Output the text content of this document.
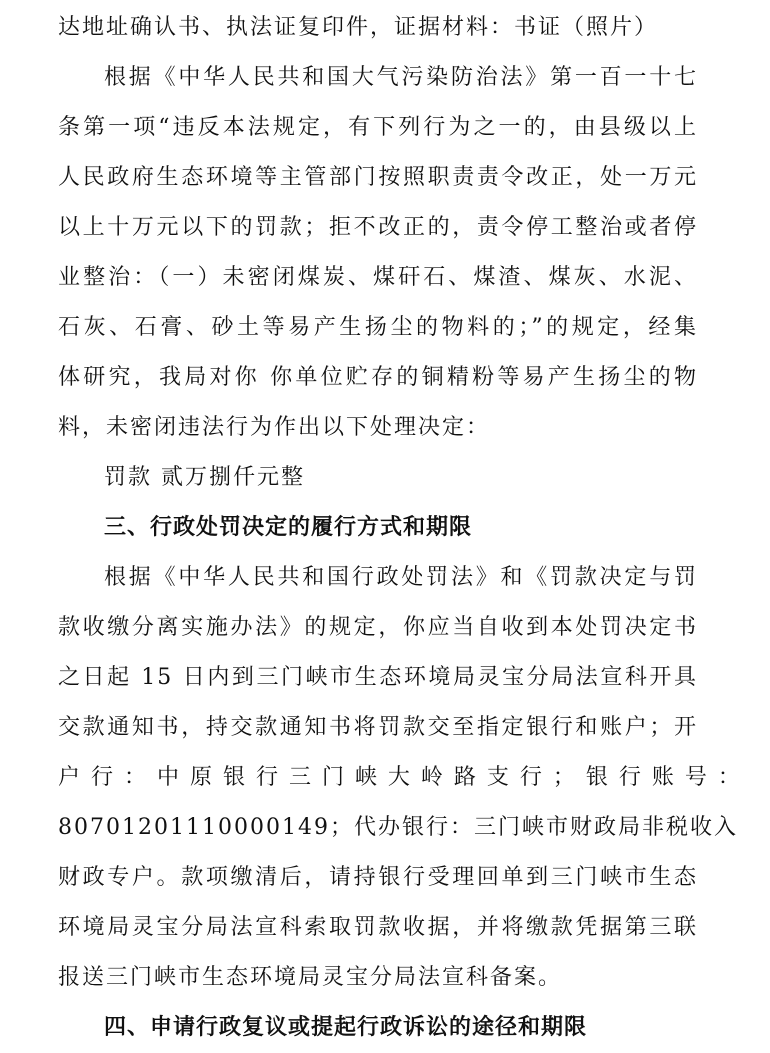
达地址确认书、执法证复印件，证据材料：书证（照片）
根据《中华人民共和国大气污染防治法》第一百一十七
条第一项“违反本法规定，有下列行为之一的，由县级以上
人民政府生态环境等主管部门按照职责责令改正，处一万元
以上十万元以下的罚款；拒不改正的，责令停工整治或者停
业整治：（一）未密闭煤炭、煤矸石、煤渣、煤灰、水泥、
石灰、石膏、砂土等易产生扬尘的物料的；”的规定，经集
体研究，我局对你 你单位贮存的铜精粉等易产生扬尘的物
料，未密闭违法行为作出以下处理决定：
罚款 贰万捌仟元整
三、行政处罚决定的履行方式和期限
根据《中华人民共和国行政处罚法》和《罚款决定与罚
款收缴分离实施办法》的规定，你应当自收到本处罚决定书
之日起 15 日内到三门峡市生态环境局灵宝分局法宣科开具
交款通知书，持交款通知书将罚款交至指定银行和账户；开
户 行 ： 中 原 银 行 三 门 峡 大 岭 路 支 行 ； 银 行 账 号 ：
80701201110000149；代办银行：三门峡市财政局非税收入
财政专户。款项缴清后，请持银行受理回单到三门峡市生态
环境局灵宝分局法宣科索取罚款收据，并将缴款凭据第三联
报送三门峡市生态环境局灵宝分局法宣科备案。
四、申请行政复议或提起行政诉讼的途径和期限
